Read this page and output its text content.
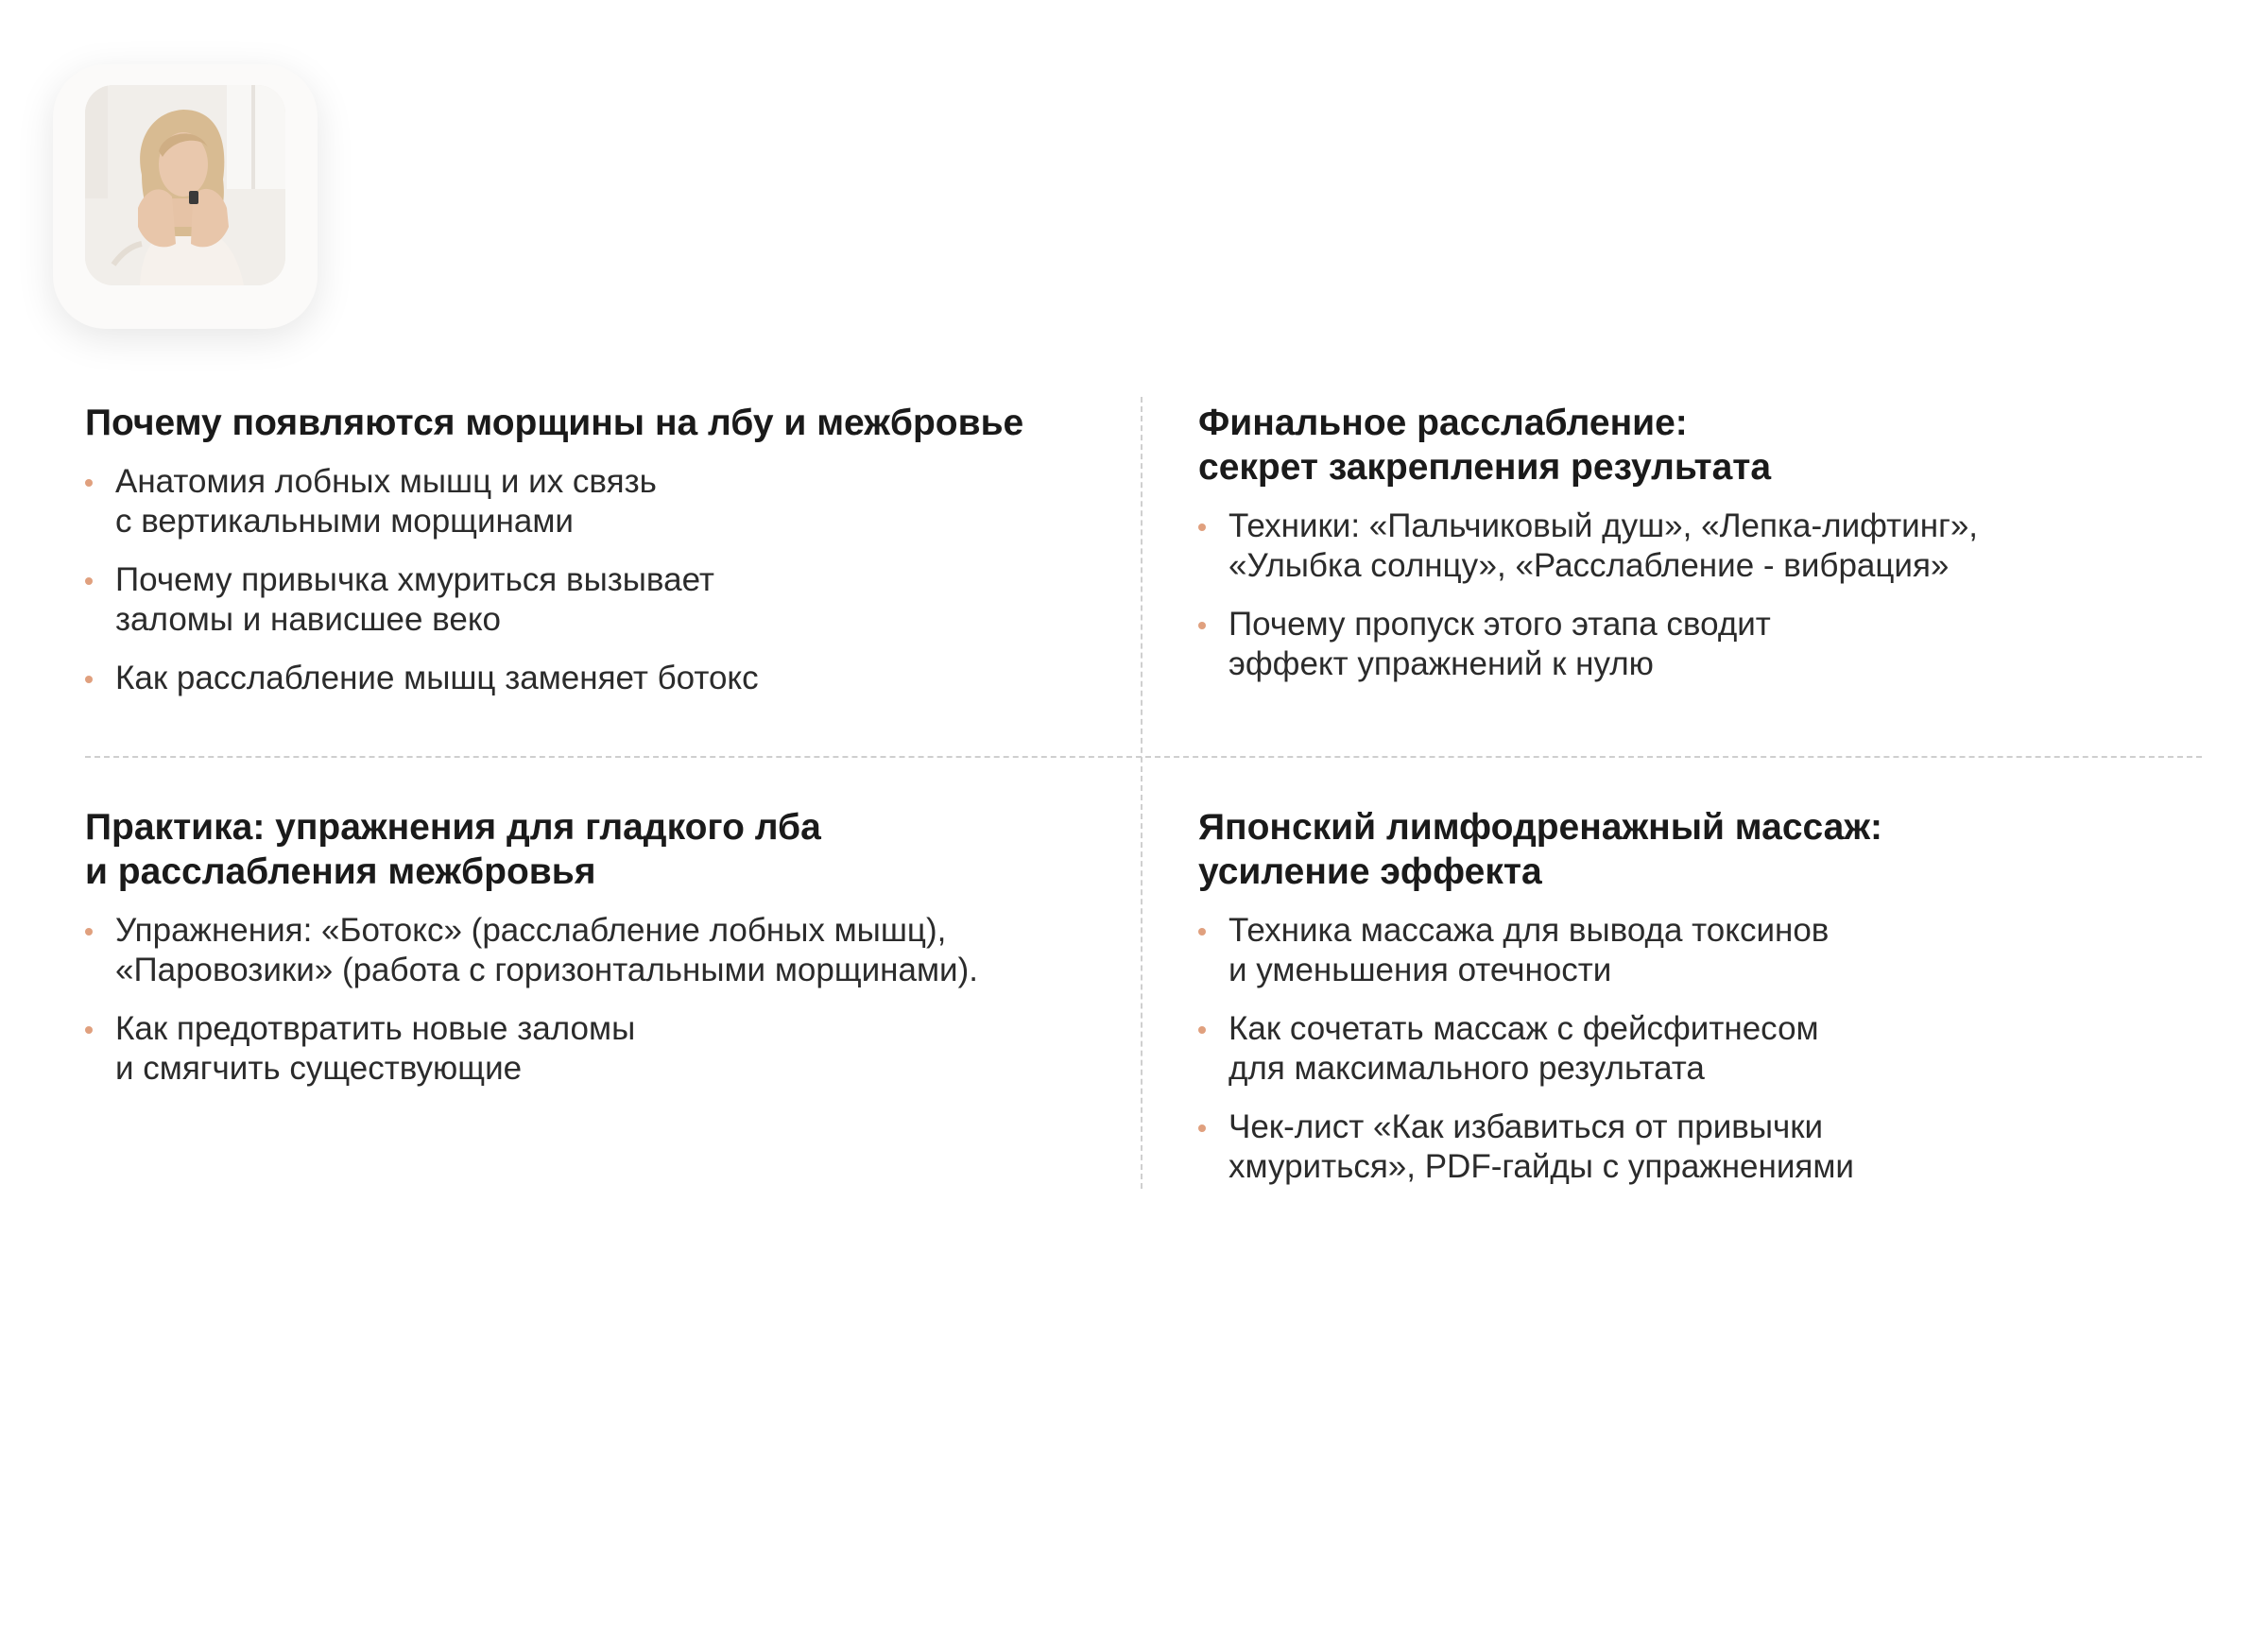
Почему появляются морщины на лбу и межбровье
Анатомия лобных мышц и их связь
с вертикальными морщинами
Почему привычка хмуриться вызывает
заломы и нависшее веко
Как расслабление мышц заменяет ботокс
Финальное расслабление:
секрет закрепления результата
Техники: «Пальчиковый душ», «Лепка-лифтинг»,
«Улыбка солнцу», «Расслабление - вибрация»
Почему пропуск этого этапа сводит
эффект упражнений к нулю
Практика: упражнения для гладкого лба
и расслабления межбровья
Упражнения: «Ботокс» (расслабление лобных мышц),
«Паровозики» (работа с горизонтальными морщинами).
Как предотвратить новые заломы
и смягчить существующие
Японский лимфодренажный массаж:
усиление эффекта
Техника массажа для вывода токсинов
и уменьшения отечности
Как сочетать массаж с фейсфитнесом
для максимального результата
Чек-лист «Как избавиться от привычки
хмуриться», PDF-гайды с упражнениями
